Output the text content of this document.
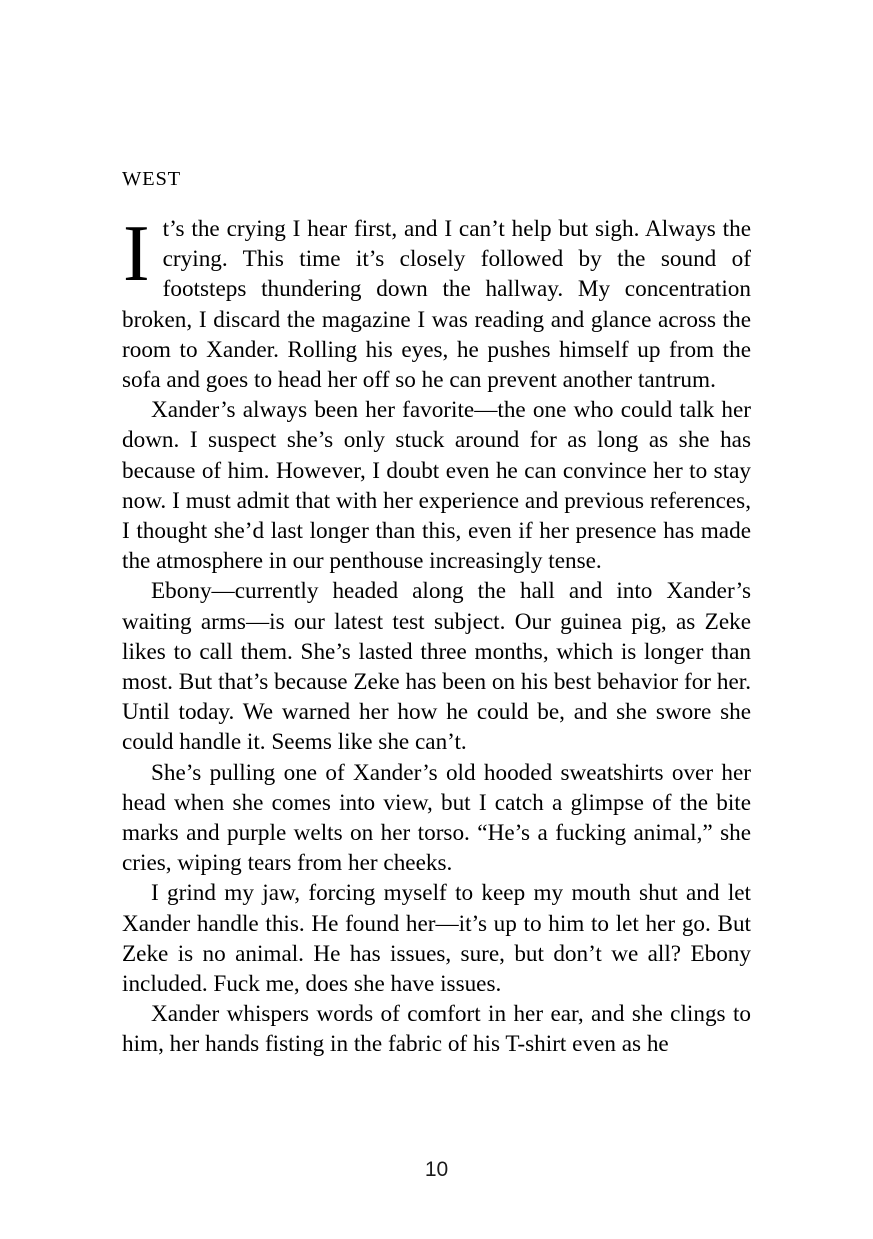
WEST

It’s the crying I hear first, and I can’t help but sigh. Always the crying. This time it’s closely followed by the sound of footsteps thundering down the hallway. My concentration broken, I discard the magazine I was reading and glance across the room to Xander. Rolling his eyes, he pushes himself up from the sofa and goes to head her off so he can prevent another tantrum.

Xander’s always been her favorite—the one who could talk her down. I suspect she’s only stuck around for as long as she has because of him. However, I doubt even he can convince her to stay now. I must admit that with her experience and previous references, I thought she’d last longer than this, even if her presence has made the atmosphere in our penthouse increasingly tense.

Ebony—currently headed along the hall and into Xander’s waiting arms—is our latest test subject. Our guinea pig, as Zeke likes to call them. She’s lasted three months, which is longer than most. But that’s because Zeke has been on his best behavior for her. Until today. We warned her how he could be, and she swore she could handle it. Seems like she can’t.

She’s pulling one of Xander’s old hooded sweatshirts over her head when she comes into view, but I catch a glimpse of the bite marks and purple welts on her torso. “He’s a fucking animal,” she cries, wiping tears from her cheeks.

I grind my jaw, forcing myself to keep my mouth shut and let Xander handle this. He found her—it’s up to him to let her go. But Zeke is no animal. He has issues, sure, but don’t we all? Ebony included. Fuck me, does she have issues.

Xander whispers words of comfort in her ear, and she clings to him, her hands fisting in the fabric of his T-shirt even as he

10
